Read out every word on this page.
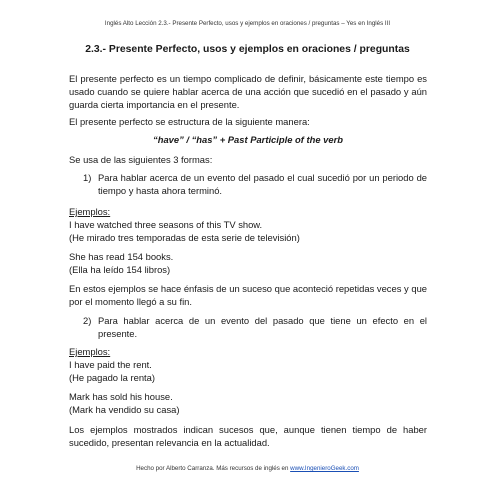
Inglés Alto Lección 2.3.- Presente Perfecto, usos y ejemplos en oraciones / preguntas – Yes en Inglés III
2.3.- Presente Perfecto, usos y ejemplos en oraciones / preguntas

El presente perfecto es un tiempo complicado de definir, básicamente este tiempo es usado cuando se quiere hablar acerca de una acción que sucedió en el pasado y aún guarda cierta importancia en el presente.

El presente perfecto se estructura de la siguiente manera:

“have” / “has” + Past Participle of the verb

Se usa de las siguientes 3 formas:

1) Para hablar acerca de un evento del pasado el cual sucedió por un periodo de tiempo y hasta ahora terminó.

Ejemplos:

I have watched three seasons of this TV show.

(He mirado tres temporadas de esta serie de televisión)

She has read 154 books.

(Ella ha leído 154 libros)

En estos ejemplos se hace énfasis de un suceso que aconteció repetidas veces y que por el momento llegó a su fin.

2) Para hablar acerca de un evento del pasado que tiene un efecto en el presente.

Ejemplos:

I have paid the rent.

(He pagado la renta)

Mark has sold his house.

(Mark ha vendido su casa)

Los ejemplos mostrados indican sucesos que, aunque tienen tiempo de haber sucedido, presentan relevancia en la actualidad.

Hecho por Alberto Carranza. Más recursos de inglés en www.IngenieroGeek.com
